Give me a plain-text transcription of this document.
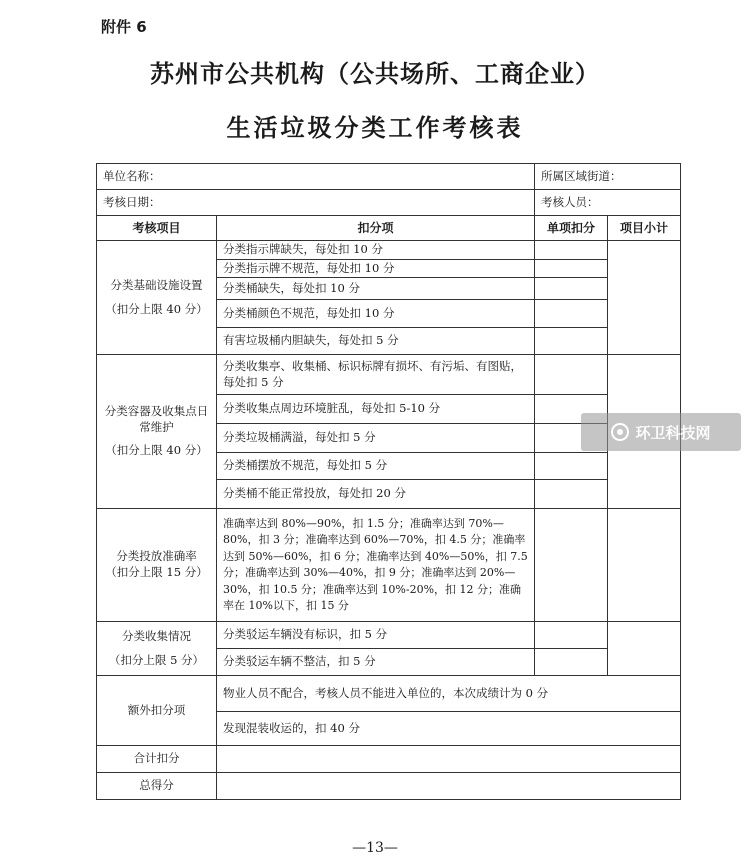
附件 6
苏州市公共机构（公共场所、工商企业）
生活垃圾分类工作考核表
单位名称：		所属区域街道：	
考核日期：		考核人员：	
考核项目	扣分项	单项扣分	项目小计
分类基础设施设置
（扣分上限 40 分）	分类指示牌缺失，每处扣 10 分		
	分类指示牌不规范，每处扣 10 分		
	分类桶缺失，每处扣 10 分		
	分类桶颜色不规范，每处扣 10 分		
	有害垃圾桶内胆缺失，每处扣 5 分		
分类容器及收集点日常维护
（扣分上限 40 分）	分类收集亭、收集桶、标识标牌有损坏、有污垢、有图贴，每处扣 5 分		
	分类收集点周边环境脏乱，每处扣 5-10 分		
	分类垃圾桶满溢，每处扣 5 分		
	分类桶摆放不规范，每处扣 5 分		
	分类桶不能正常投放，每处扣 20 分		
分类投放准确率
（扣分上限 15 分）	准确率达到 80%—90%，扣 1.5 分；准确率达到 70%—80%，扣 3 分；准确率达到 60%—70%，扣 4.5 分；准确率达到 50%—60%，扣 6 分；准确率达到 40%—50%，扣 7.5 分；准确率达到 30%—40%，扣 9 分；准确率达到 20%—30%，扣 10.5 分；准确率达到 10%-20%，扣 12 分；准确率在 10%以下，扣 15 分		
分类收集情况
（扣分上限 5 分）	分类驳运车辆没有标识，扣 5 分		
	分类驳运车辆不整洁，扣 5 分		
额外扣分项	物业人员不配合，考核人员不能进入单位的，本次成绩计为 0 分		
	发现混装收运的，扣 40 分		
合计扣分			
总得分			
环卫科技网
—13—
